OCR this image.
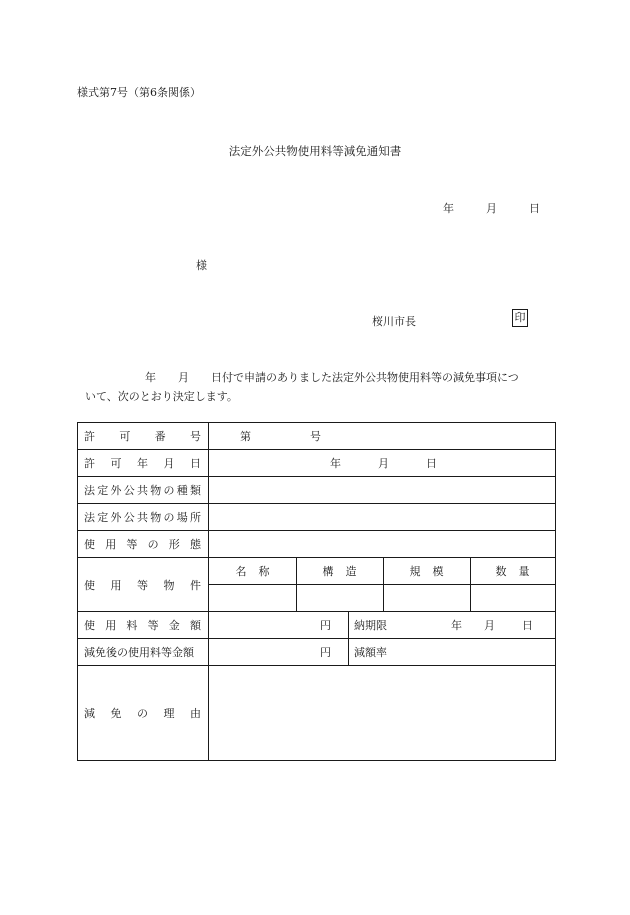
様式第7号（第6条関係）
法定外公共物使用料等減免通知書
年	月	日
様
桜川市長	印
年　　月　　日付で申請のありました法定外公共物使用料等の減免事項につ
いて、次のとおり決定します。
許 可 番 号	第	号
許 可 年 月 日	年	月	日
法 定 外 公 共 物 の 種 類
法 定 外 公 共 物 の 場 所
使 用 等 の 形 態
使 用 等 物 件
名称	構造	規模	数量
使 用 料 等 金 額	円 納期限	年 月 日
減免後の使用料等金額	円 減額率
減 免 の 理 由
